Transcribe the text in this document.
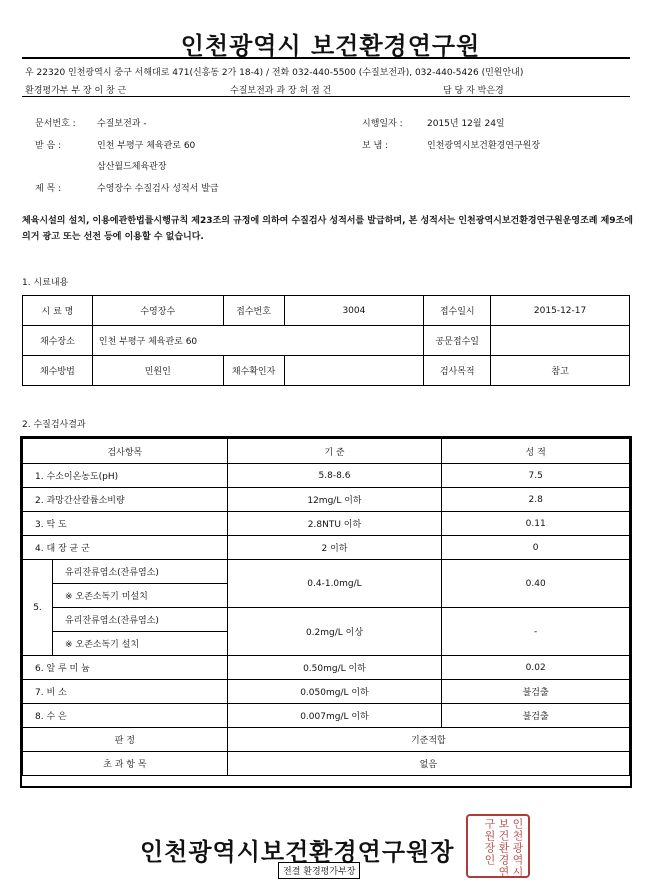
인천광역시 보건환경연구원
우 22320 인천광역시 중구 서해대로 471(신흥동 2가 18-4) / 전화 032-440-5500 (수질보전과), 032-440-5426 (민원안내)
환경평가부 부 장 이 창 근	수질보전과 과 장 허 점 건	담 당 자 박은경
문서번호 : 수질보전과 -	시행일자 :	2015년 12월 24일
받 음 :	인천 부평구 체육관로 60	보 냄 :	인천광역시보건환경연구원장
삼산월드체육관장
제 목 :	수영장수 수질검사 성적서 발급
체육시설의 설치, 이용에관한법률시행규칙 제23조의 규정에 의하여 수질검사 성적서를 발급하며, 본 성적서는 인천광역시보건환경연구원운영조례 제9조에 의거 광고 또는 선전 등에 이용할 수 없습니다.
1. 시료내용
시 료 명	수영장수	접수번호	3004	접수일시	2015-12-17
채수장소	인천 부평구 체육관로 60			공문접수일	
채수방법	민원인	채수확인자		검사목적	참고
2. 수질검사결과
검사항목		기 준	성 적
1. 수소이온농도(pH)		5.8-8.6	7.5
2. 과망간산칼륨소비량		12mg/L 이하	2.8
3. 탁 도		2.8NTU 이하	0.11
4. 대 장 균 군		2 이하	0
5.	유리잔류염소(잔류염소)	0.4-1.0mg/L	0.40
	※ 오존소독기 미설치		
	유리잔류염소(잔류염소)	0.2mg/L 이상	-
	※ 오존소독기 설치		
6. 알 루 미 늄		0.50mg/L 이하	0.02
7. 비 소		0.050mg/L 이하	불검출
8. 수 은		0.007mg/L 이하	불검출
판 정		기준적합	
초 과 항 목		없음	
인천광역시보건환경연구원장
전결 환경평가부장	인천광역시보건환경연구원장인
